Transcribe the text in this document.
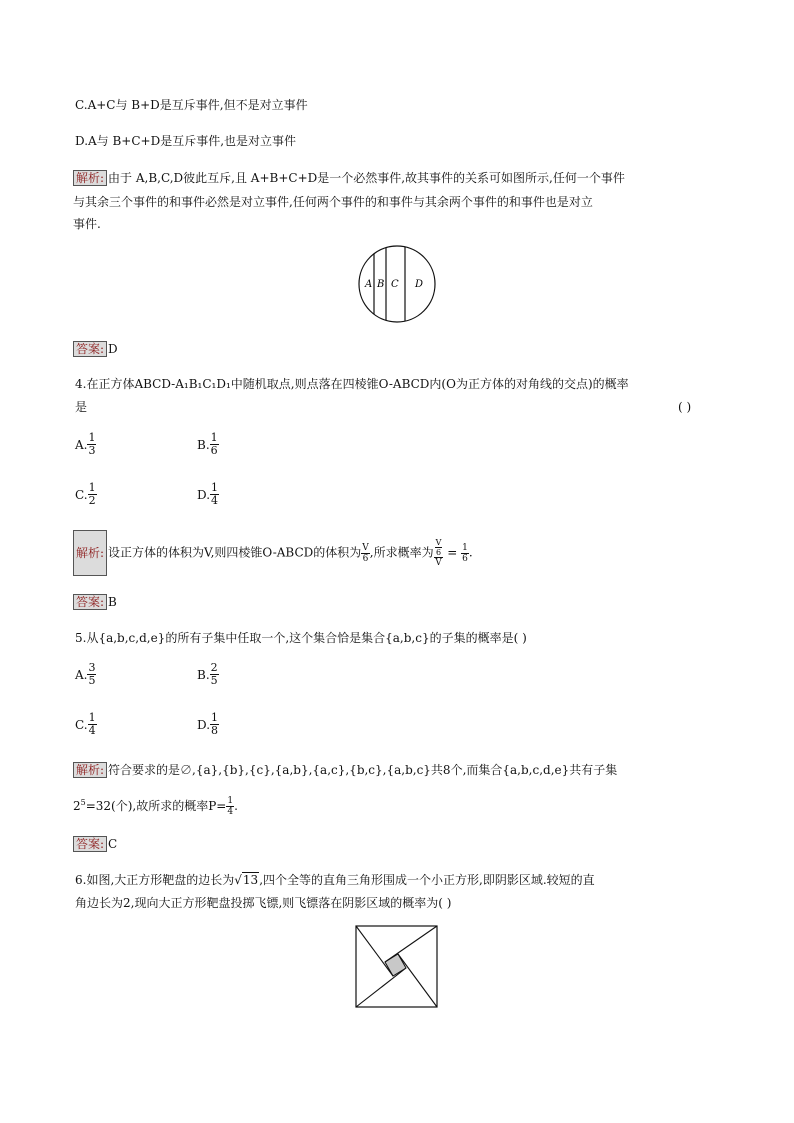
C.A+C与 B+D是互斥事件,但不是对立事件
D.A与 B+C+D是互斥事件,也是对立事件
解析: 由于 A,B,C,D彼此互斥,且 A+B+C+D是一个必然事件,故其事件的关系可如图所示,任何一个事件
与其余三个事件的和事件必然是对立事件,任何两个事件的和事件与其余两个事件的和事件也是对立
事件.
A B C D
答案: D
4.在正方体ABCD-A₁B₁C₁D₁中随机取点,则点落在四棱锥O-ABCD内(O为正方体的对角线的交点)的概率
是	( )
A. $\frac{1}{3}$	B. $\frac{1}{6}$
C. $\frac{1}{2}$	D. $\frac{1}{4}$
解析: 设正方体的体积为V,则四棱锥O-ABCD的体积为 $\frac{V}{6}$ ,所求概率为 $\frac{\frac{V}{6}}{V} = \frac{1}{6}$ .
答案: B
5.从{a,b,c,d,e}的所有子集中任取一个,这个集合恰是集合{a,b,c}的子集的概率是( )
A. $\frac{3}{5}$	B. $\frac{2}{5}$
C. $\frac{1}{4}$	D. $\frac{1}{8}$
解析: 符合要求的是∅,{a},{b},{c},{a,b},{a,c},{b,c},{a,b,c}共8个,而集合{a,b,c,d,e}共有子集
$2^5=32$(个),故所求的概率$P= \frac{1}{4}$ .
答案: C
6.如图,大正方形靶盘的边长为√13,四个全等的直角三角形围成一个小正方形,即阴影区域.较短的直
角边长为2,现向大正方形靶盘投掷飞镖,则飞镖落在阴影区域的概率为( )
